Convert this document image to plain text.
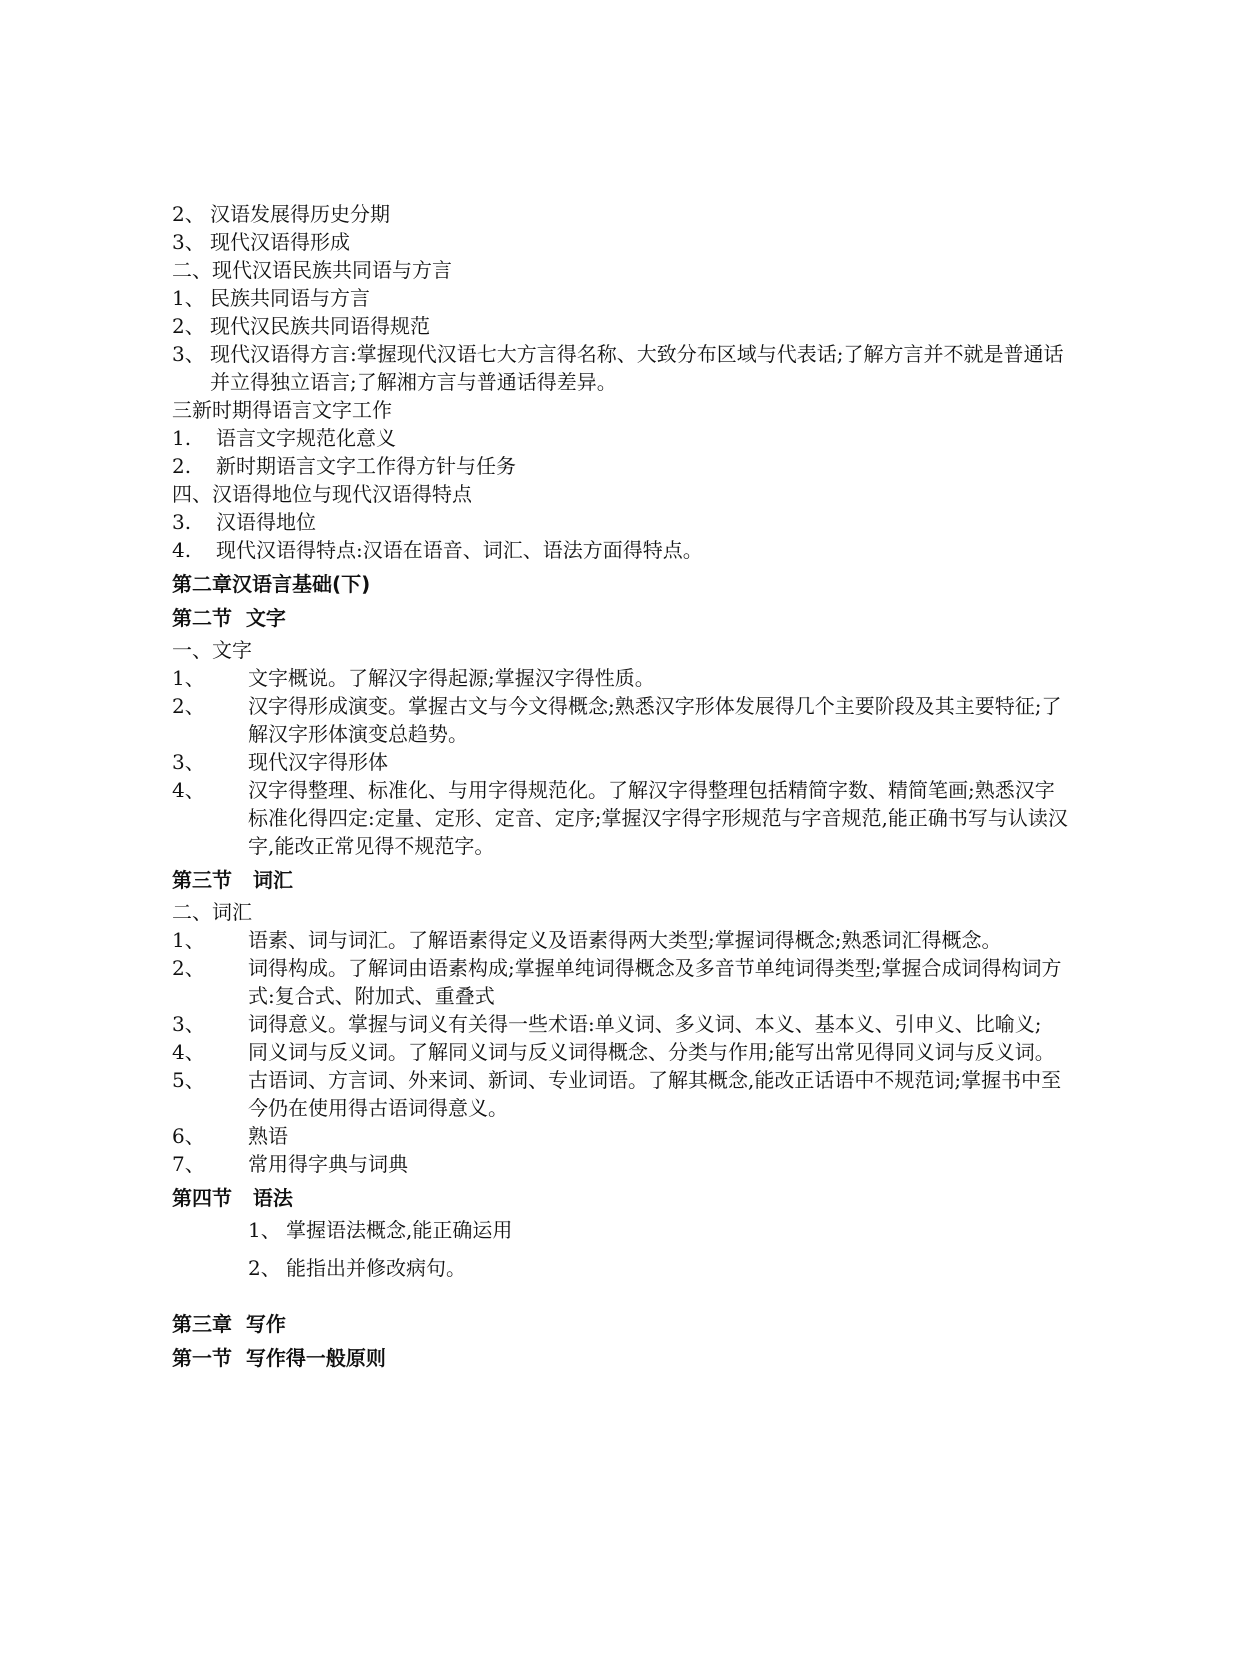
2、 汉语发展得历史分期
3、 现代汉语得形成
二、现代汉语民族共同语与方言
1、 民族共同语与方言
2、 现代汉民族共同语得规范
3、 现代汉语得方言:掌握现代汉语七大方言得名称、大致分布区域与代表话;了解方言并不就是普通话并立得独立语言;了解湘方言与普通话得差异。
三新时期得语言文字工作
1.	语言文字规范化意义
2.	新时期语言文字工作得方针与任务
四、汉语得地位与现代汉语得特点
3.	汉语得地位
4.	现代汉语得特点:汉语在语音、词汇、语法方面得特点。
第二章汉语言基础(下)
第二节  文字
一、文字
1、	文字概说。了解汉字得起源;掌握汉字得性质。
2、	汉字得形成演变。掌握古文与今文得概念;熟悉汉字形体发展得几个主要阶段及其主要特征;了解汉字形体演变总趋势。
3、	现代汉字得形体
4、	汉字得整理、标准化、与用字得规范化。了解汉字得整理包括精简字数、精简笔画;熟悉汉字标准化得四定:定量、定形、定音、定序;掌握汉字得字形规范与字音规范,能正确书写与认读汉字,能改正常见得不规范字。
第三节   词汇
二、词汇
1、	语素、词与词汇。了解语素得定义及语素得两大类型;掌握词得概念;熟悉词汇得概念。
2、	词得构成。了解词由语素构成;掌握单纯词得概念及多音节单纯词得类型;掌握合成词得构词方式:复合式、附加式、重叠式
3、	词得意义。掌握与词义有关得一些术语:单义词、多义词、本义、基本义、引申义、比喻义;
4、	同义词与反义词。了解同义词与反义词得概念、分类与作用;能写出常见得同义词与反义词。
5、	古语词、方言词、外来词、新词、专业词语。了解其概念,能改正话语中不规范词;掌握书中至今仍在使用得古语词得意义。
6、	熟语
7、	常用得字典与词典
第四节   语法
1、 掌握语法概念,能正确运用
2、 能指出并修改病句。
第三章  写作
第一节  写作得一般原则
